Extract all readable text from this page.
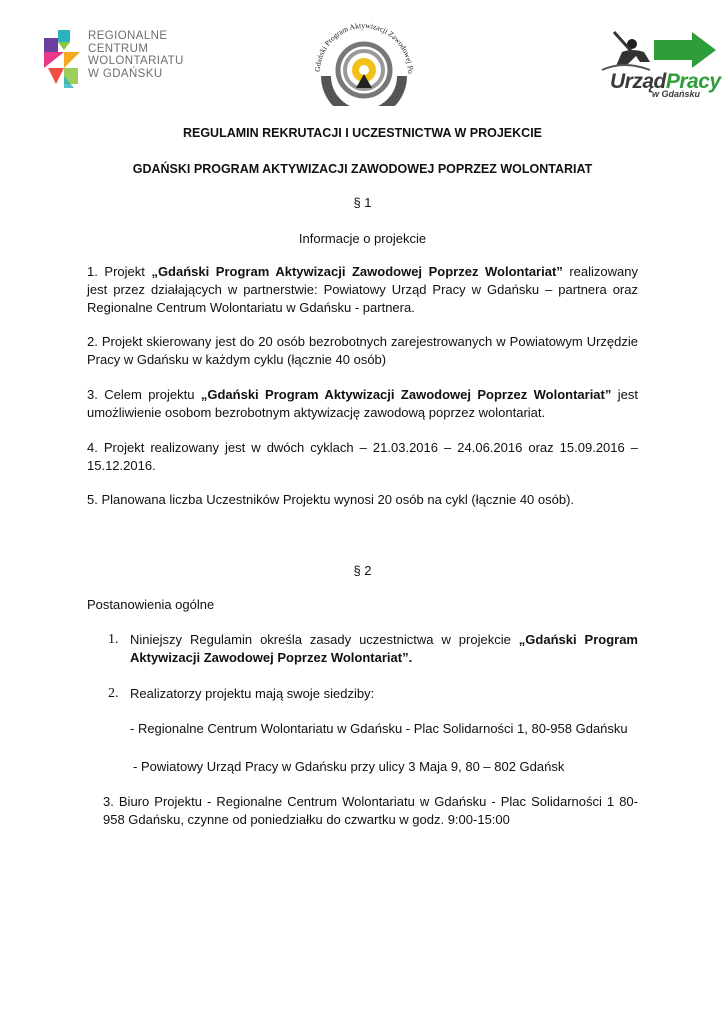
REGIONALNE
CENTRUM
WOLONTARIATU
W GDAŃSKU	Gdański Program Aktywizacji Zawodowej Po	UrządPracy
w Gdańsku
REGULAMIN REKRUTACJI I UCZESTNICTWA W PROJEKCIE
GDAŃSKI PROGRAM AKTYWIZACJI ZAWODOWEJ POPRZEZ WOLONTARIAT
§ 1
Informacje o projekcie
1. Projekt „Gdański Program Aktywizacji Zawodowej Poprzez Wolontariat” realizowany jest przez działających w partnerstwie: Powiatowy Urząd Pracy w Gdańsku – partnera oraz Regionalne Centrum Wolontariatu w Gdańsku - partnera.
2. Projekt skierowany jest do 20 osób bezrobotnych zarejestrowanych w Powiatowym Urzędzie Pracy w Gdańsku w każdym cyklu (łącznie 40 osób)
3. Celem projektu „Gdański Program Aktywizacji Zawodowej Poprzez Wolontariat” jest umożliwienie osobom bezrobotnym aktywizację zawodową poprzez wolontariat.
4. Projekt realizowany jest w dwóch cyklach – 21.03.2016 – 24.06.2016 oraz 15.09.2016 – 15.12.2016.
5. Planowana liczba Uczestników Projektu wynosi 20 osób na cykl (łącznie 40 osób).
§ 2
Postanowienia ogólne
1. Niniejszy Regulamin określa zasady uczestnictwa w projekcie „Gdański Program Aktywizacji Zawodowej Poprzez Wolontariat”.
2. Realizatorzy projektu mają swoje siedziby:
- Regionalne Centrum Wolontariatu w Gdańsku - Plac Solidarności 1, 80-958 Gdańsku
- Powiatowy Urząd Pracy w Gdańsku przy ulicy 3 Maja 9, 80 – 802 Gdańsk
3. Biuro Projektu - Regionalne Centrum Wolontariatu w Gdańsku - Plac Solidarności 1 80-958 Gdańsku, czynne od poniedziałku do czwartku w godz. 9:00-15:00
